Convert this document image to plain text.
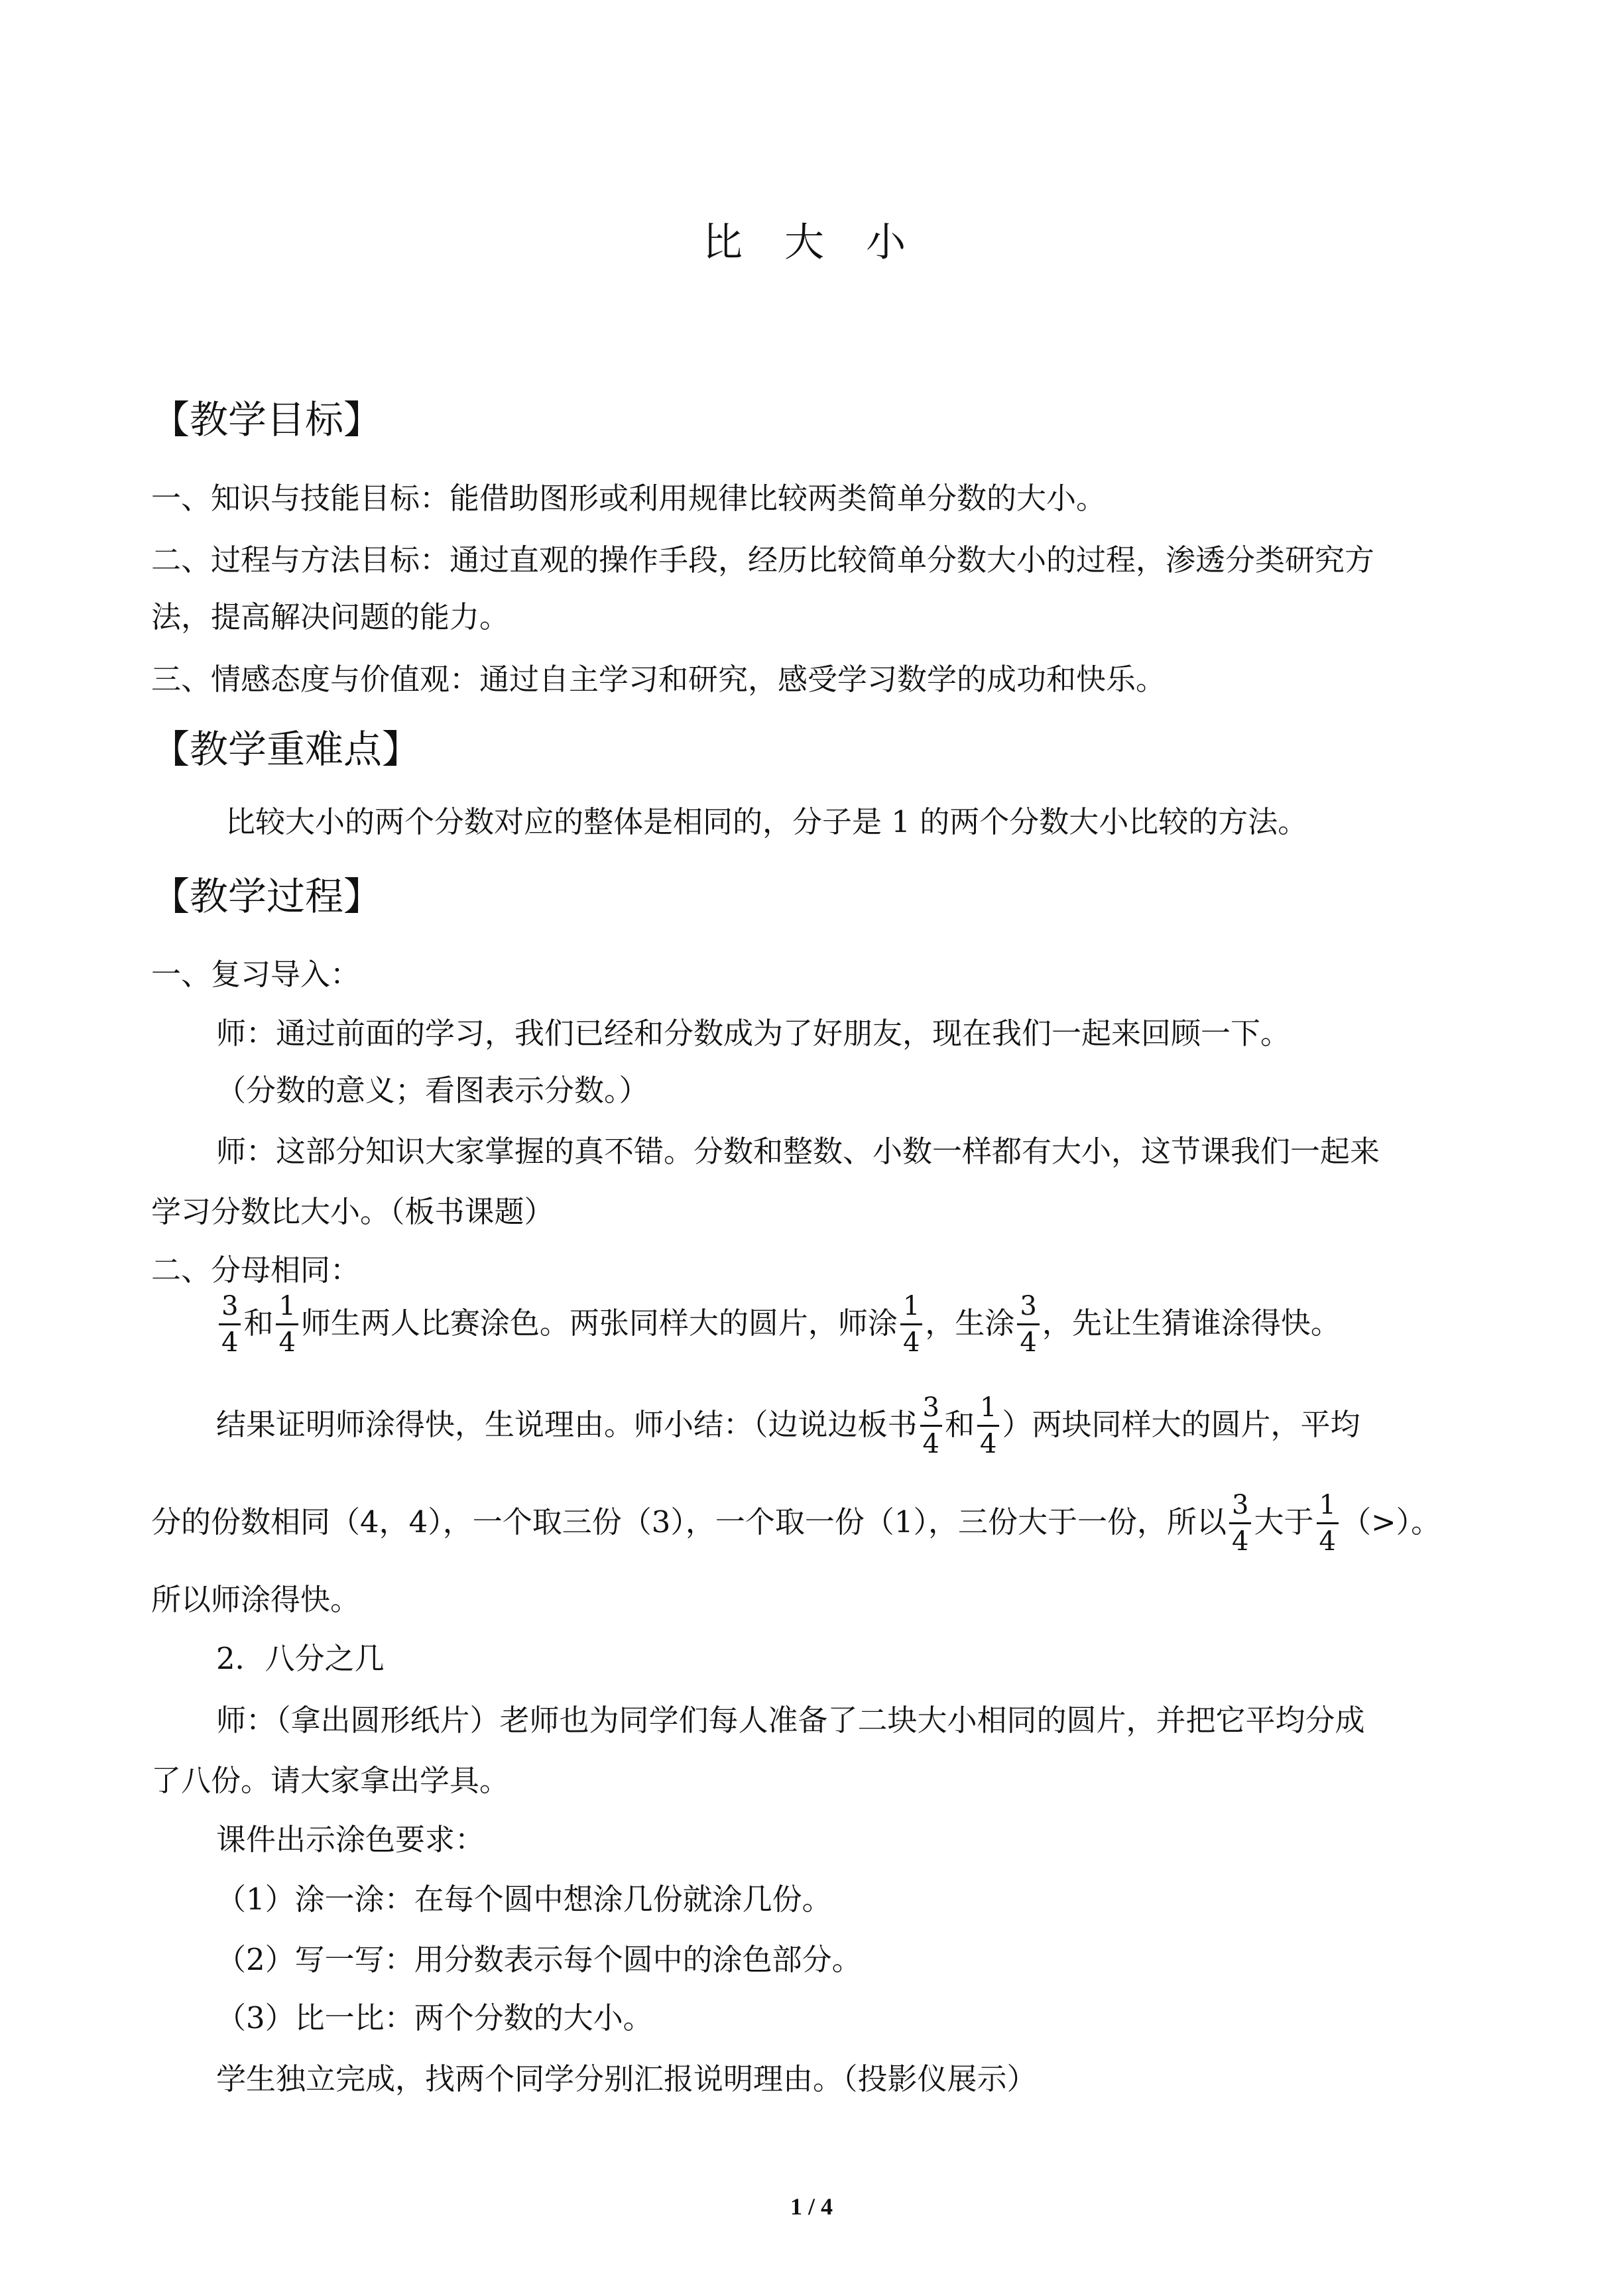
比 大 小
【教学目标】
一、知识与技能目标：能借助图形或利用规律比较两类简单分数的大小。
二、过程与方法目标：通过直观的操作手段，经历比较简单分数大小的过程，渗透分类研究方
法，提高解决问题的能力。
三、情感态度与价值观：通过自主学习和研究，感受学习数学的成功和快乐。
【教学重难点】
比较大小的两个分数对应的整体是相同的，分子是 1 的两个分数大小比较的方法。
【教学过程】
一、复习导入：
师：通过前面的学习，我们已经和分数成为了好朋友，现在我们一起来回顾一下。
（分数的意义；看图表示分数。）
师：这部分知识大家掌握的真不错。分数和整数、小数一样都有大小，这节课我们一起来
学习分数比大小。（板书课题）
二、分母相同：
$\frac{3}{4}$ 和 $\frac{1}{4}$ 师生两人比赛涂色。两张同样大的圆片，师涂 $\frac{1}{4}$ ，生涂 $\frac{3}{4}$ ，先让生猜谁涂得快。
结果证明师涂得快，生说理由。师小结：（边说边板书 $\frac{3}{4}$ 和 $\frac{1}{4}$ ）两块同样大的圆片，平均
分的份数相同（4，4），一个取三份（3），一个取一份（1），三份大于一份，所以 $\frac{3}{4}$ 大于 $\frac{1}{4}$ （>）。
所以师涂得快。
2．八分之几
师：（拿出圆形纸片）老师也为同学们每人准备了二块大小相同的圆片，并把它平均分成
了八份。请大家拿出学具。
课件出示涂色要求：
（1）涂一涂：在每个圆中想涂几份就涂几份。
（2）写一写：用分数表示每个圆中的涂色部分。
（3）比一比：两个分数的大小。
学生独立完成，找两个同学分别汇报说明理由。（投影仪展示）
1 / 4
